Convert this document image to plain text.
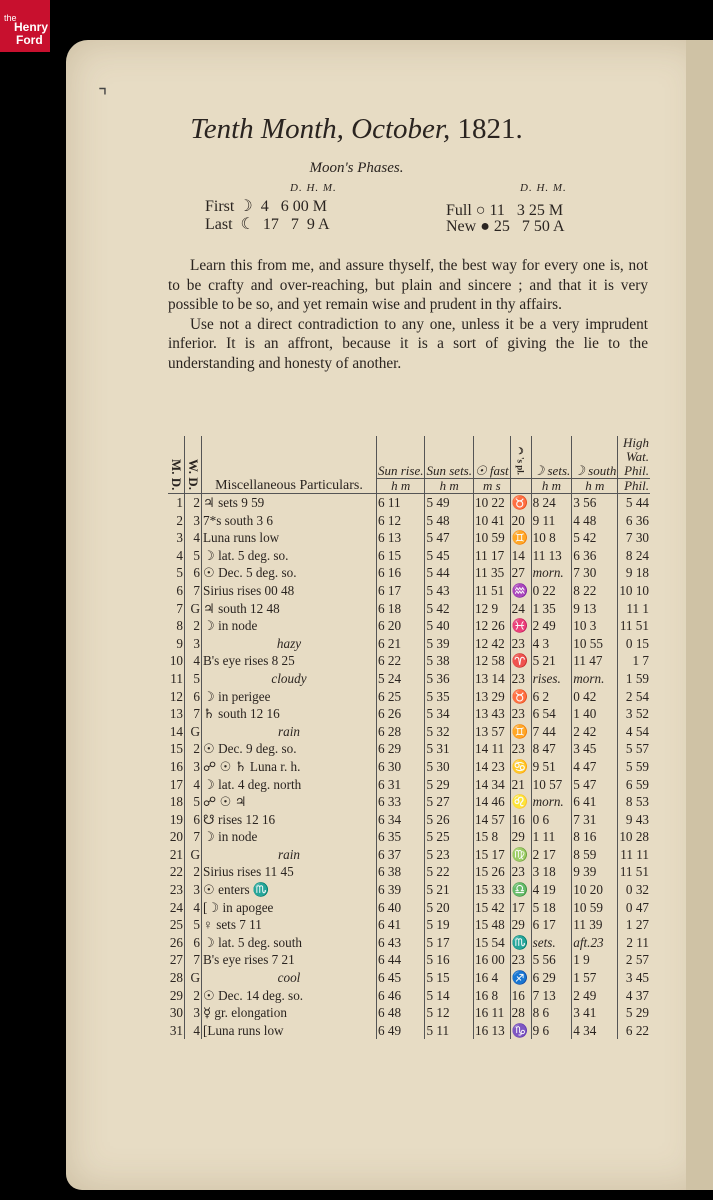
the
Henry
Ford
⌝
Tenth Month, October, 1821.
Moon's Phases.
D. H. M.	D. H. M.
First ☽  4   6 00 M
Last  ☾  17   7  9 A
Full ○ 11   3 25 M
New ● 25   7 50 A

Learn this from me, and assure thyself, the best way for every one is, not to be crafty and over-reaching, but plain and sincere ; and that it is very possible to be so, and yet remain wise and prudent in thy affairs.

Use not a direct contradiction to any one, unless it be a very imprudent inferior. It is an affront, because it is a sort of giving the lie to the understanding and honesty of another.

M. D.	W. D.	Miscellaneous Particulars.	Sun rise.	Sun sets.	☉ fast	☽'s pl.	☽ sets.	☽ south	High Wat. Phil.
			h m	h m	m s		h m	h m	Phil.
1	2	♃ sets 9 59	6 11	5 49	10 22	♉	8 24	3 56	5 44
2	3	7*s south 3 6	6 12	5 48	10 41	20	9 11	4 48	6 36
3	4	Luna runs low	6 13	5 47	10 59	♊	10 8	5 42	7 30
4	5	☽ lat. 5 deg. so.	6 15	5 45	11 17	14	11 13	6 36	8 24
5	6	☉ Dec. 5 deg. so.	6 16	5 44	11 35	27	morn.	7 30	9 18
6	7	Sirius rises 00 48	6 17	5 43	11 51	♒	0 22	8 22	10 10
7	G	♃ south 12 48	6 18	5 42	12 9	24	1 35	9 13	11 1
8	2	☽ in node	6 20	5 40	12 26	♓	2 49	10 3	11 51
9	3	hazy	6 21	5 39	12 42	23	4 3	10 55	0 15
10	4	B's eye rises 8 25	6 22	5 38	12 58	♈	5 21	11 47	1 7
11	5	cloudy	5 24	5 36	13 14	23	rises.	morn.	1 59
12	6	☽ in perigee	6 25	5 35	13 29	♉	6 2	0 42	2 54
13	7	♄ south 12 16	6 26	5 34	13 43	23	6 54	1 40	3 52
14	G	rain	6 28	5 32	13 57	♊	7 44	2 42	4 54
15	2	☉ Dec. 9 deg. so.	6 29	5 31	14 11	23	8 47	3 45	5 57
16	3	☍ ☉ ♄ Luna r. h.	6 30	5 30	14 23	♋	9 51	4 47	5 59
17	4	☽ lat. 4 deg. north	6 31	5 29	14 34	21	10 57	5 47	6 59
18	5	☍ ☉ ♃	6 33	5 27	14 46	♌	morn.	6 41	8 53
19	6	☋ rises 12 16	6 34	5 26	14 57	16	0 6	7 31	9 43
20	7	☽ in node	6 35	5 25	15 8	29	1 11	8 16	10 28
21	G	rain	6 37	5 23	15 17	♍	2 17	8 59	11 11
22	2	Sirius rises 11 45	6 38	5 22	15 26	23	3 18	9 39	11 51
23	3	☉ enters ♏	6 39	5 21	15 33	♎	4 19	10 20	0 32
24	4	[☽ in apogee	6 40	5 20	15 42	17	5 18	10 59	0 47
25	5	♀ sets 7 11	6 41	5 19	15 48	29	6 17	11 39	1 27
26	6	☽ lat. 5 deg. south	6 43	5 17	15 54	♏	sets.	aft.23	2 11
27	7	B's eye rises 7 21	6 44	5 16	16 00	23	5 56	1 9	2 57
28	G	cool	6 45	5 15	16 4	♐	6 29	1 57	3 45
29	2	☉ Dec. 14 deg. so.	6 46	5 14	16 8	16	7 13	2 49	4 37
30	3	☿ gr. elongation	6 48	5 12	16 11	28	8 6	3 41	5 29
31	4	[Luna runs low	6 49	5 11	16 13	♑	9 6	4 34	6 22
